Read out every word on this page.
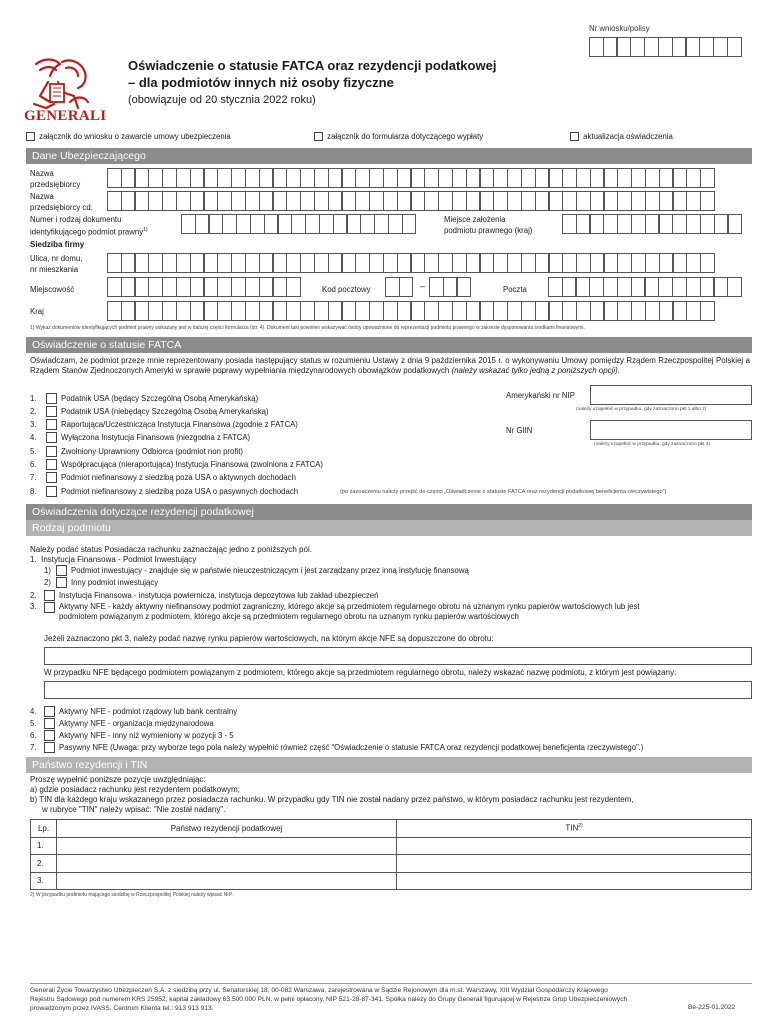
Nr wniosku/polisy
GENERALI
Oświadczenie o statusie FATCA oraz rezydencji podatkowej
– dla podmiotów innych niż osoby fizyczne
(obowiązuje od 20 stycznia 2022 roku)
załącznik do wniosku o zawarcie umowy ubezpieczenia	załącznik do formularza dotyczącego wypłaty	aktualizacja oświadczenia
Dane Ubezpieczającego
Nazwa przedsiębiorcy
Nazwa przedsiębiorcy cd.
Numer i rodzaj dokumentu
identyfikującego podmiot prawny$^{1)}$
Miejsce założenia
podmiotu prawnego (kraj)
Siedziba firmy
Ulica, nr domu,
nr mieszkania
Miejscowość	Kod pocztowy	–	Poczta
Kraj
1) Wykaz dokumentów identyfikujących podmiot prawny wskazany jest w dalszej części formularza (str. 4). Dokument taki powinien wskazywać osoby upoważnione do reprezentacji podmiotu prawnego w zakresie dysponowania środkami finansowymi.
Oświadczenie o statusie FATCA
Oświadczam, że podmiot przeze mnie reprezentowany posiada następujący status w rozumieniu Ustawy z dnia 9 października 2015 r. o wykonywaniu Umowy pomiędzy Rządem Rzeczpospolitej Polskiej a Rządem Stanów Zjednoczonych Ameryki w sprawie poprawy wypełniania międzynarodowych obowiązków podatkowych (należy wskazać tylko jedną z poniższych opcji).
1.	Podatnik USA (będący Szczególną Osobą Amerykańską)
2.	Podatnik USA (niebędący Szczególną Osobą Amerykańską)
3.	Raportująca/Uczestnicząca Instytucja Finansowa (zgodnie z FATCA)
4.	Wyłączona Instytucja Finansowa (niezgodna z FATCA)
5.	Zwolniony Uprawniony Odbiorca (podmiot non profit)
6.	Współpracująca (nieraportująca) Instytucja Finansowa (zwolniona z FATCA)
7.	Podmiot niefinansowy z siedzibą poza USA o aktywnych dochodach
8.	Podmiot niefinansowy z siedzibą poza USA o pasywnych dochodach	(po zaznaczeniu należy przejść do części „Oświadczenie o statusie FATCA oraz rezydencji podatkowej beneficjenta rzeczywistego”)
Amerykański nr NIP
(należy uzupełnić w przypadku, gdy zaznaczono pkt 1 albo 2)
Nr GIIN
(należy uzupełnić w przypadku, gdy zaznaczono pkt 3)
Oświadczenia dotyczące rezydencji podatkowej
Rodzaj podmiotu
Należy podać status Posiadacza rachunku zaznaczając jedno z poniższych pól.
1. Instytucja Finansowa - Podmiot Inwestujący
1)	Podmiot inwestujący - znajduje się w państwie nieuczestniczącym i jest zarządzany przez inną instytucję finansową
2)	Inny podmiot inwestujący
2.	Instytucja Finansowa - instytucja powiernicza, instytucja depozytowa lub zakład ubezpieczeń
3.	Aktywny NFE - każdy aktywny niefinansowy podmiot zagraniczny, którego akcje są przedmiotem regularnego obrotu na uznanym rynku papierów wartościowych lub jest
podmiotem powiązanym z podmiotem, którego akcje są przedmiotem regularnego obrotu na uznanym rynku papierów wartościowych
Jeżeli zaznaczono pkt 3, należy podać nazwę rynku papierów wartościowych, na którym akcje NFE są dopuszczone do obrotu:
W przypadku NFE będącego podmiotem powiązanym z podmiotem, którego akcje są przedmiotem regularnego obrotu, należy wskazać nazwę podmiotu, z którym jest powiązany:
4.	Aktywny NFE - podmiot rządowy lub bank centralny
5.	Aktywny NFE - organizacja międzynarodowa
6.	Aktywny NFE - inny niż wymieniony w pozycji 3 - 5
7.	Pasywny NFE (Uwaga: przy wyborze tego pola należy wypełnić również część “Oświadczenie o statusie FATCA oraz rezydencji podatkowej beneficjenta rzeczywistego”.)
Państwo rezydencji i TIN
Proszę wypełnić poniższe pozycje uwzględniając:
a) gdzie posiadacz rachunku jest rezydentem podatkowym;
b) TIN dla każdego kraju wskazanego przez posiadacza rachunku. W przypadku gdy TIN nie został nadany przez państwo, w którym posiadacz rachunku jest rezydentem,
w rubryce "TIN" należy wpisać: "Nie został nadany".
Lp.	Państwo rezydencji podatkowej	TIN$^{2)}$
1.		
2.		
3.		
2) W przypadku podmiotu mającego siedzibę w Rzeczpospolitej Polskiej należy wpisać NIP.
Generali Życie Towarzystwo Ubezpieczeń S.A. z siedzibą przy ul. Senatorskiej 18, 00-082 Warszawa, zarejestrowana w Sądzie Rejonowym dla m.st. Warszawy, XIII Wydział Gospodarczy Krajowego
Rejestru Sądowego pod numerem KRS 25952, kapitał zakładowy 63.500.000 PLN, w pełni opłacony, NIP 521-28-87-341. Spółka należy do Grupy Generali figurującej w Rejestrze Grup Ubezpieczeniowych
prowadzonym przez IVASS. Centrum Klienta tel.: 913 913 913.	Be-225-01.2022
